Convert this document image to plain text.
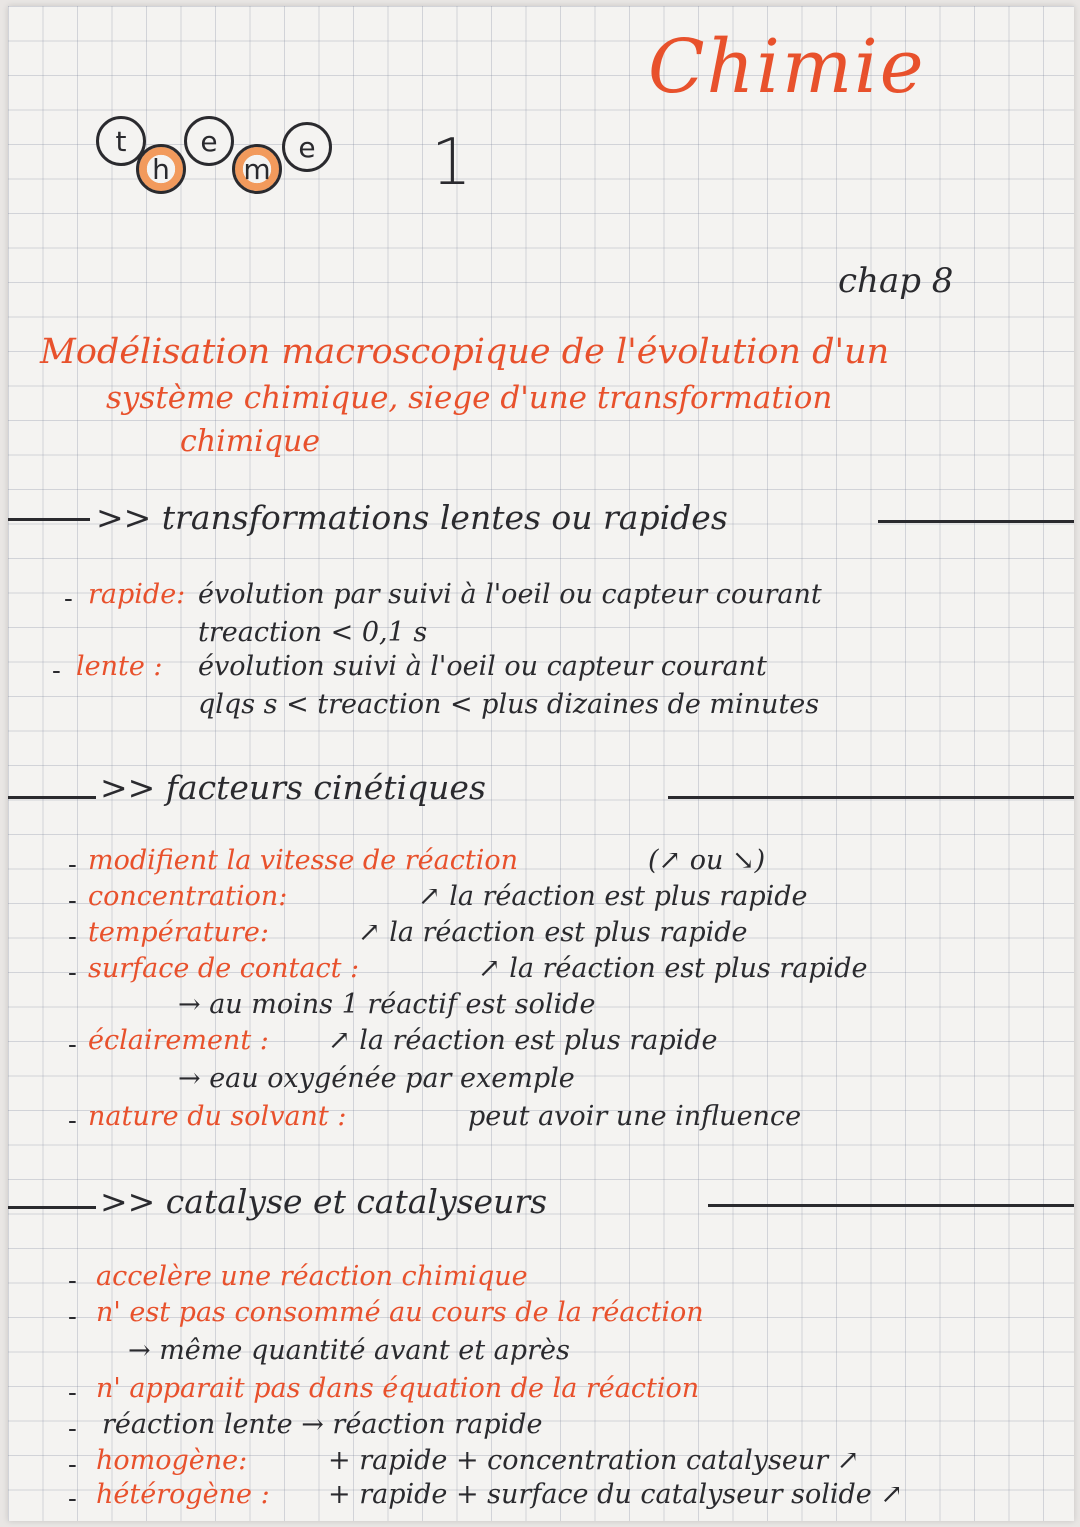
t
h
e
m
e 1
Chimie
chap 8
Modélisation macroscopique de l'évolution d'un
système chimique, siege d'une transformation
chimique
>> transformations lentes ou rapides
- rapide: évolution par suivi à l'oeil ou capteur courant
treaction < 0,1 s
- lente : évolution suivi à l'oeil ou capteur courant
qlqs s < treaction < plus dizaines de minutes
>> facteurs cinétiques
- modifient la vitesse de réaction	(↗ ou ↘)
- concentration:	↗ la réaction est plus rapide
- température:	↗ la réaction est plus rapide
- surface de contact :	↗ la réaction est plus rapide
→ au moins 1 réactif est solide
- éclairement : ↗ la réaction est plus rapide
→ eau oxygénée par exemple
- nature du solvant :	peut avoir une influence
>> catalyse et catalyseurs
- accelère une réaction chimique
- n' est pas consommé au cours de la réaction
→ même quantité avant et après
- n' apparait pas dans équation de la réaction
- réaction lente → réaction rapide
- homogène:	+ rapide + concentration catalyseur ↗
- hétérogène : + rapide + surface du catalyseur solide ↗
